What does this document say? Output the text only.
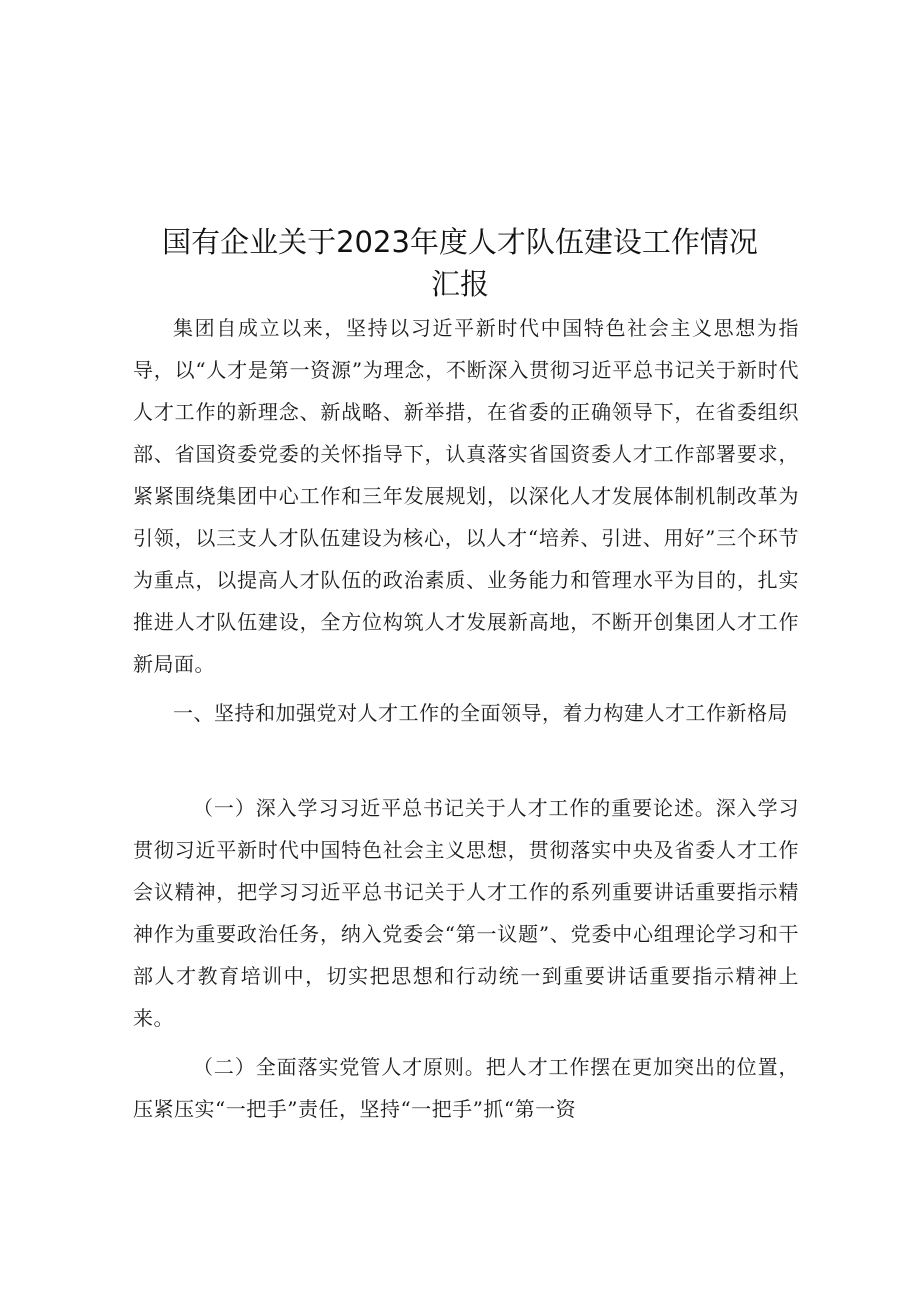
国有企业关于2023年度人才队伍建设工作情况
汇报

集团自成立以来，坚持以习近平新时代中国特色社会主义思想为指导，以“人才是第一资源”为理念，不断深入贯彻习近平总书记关于新时代人才工作的新理念、新战略、新举措，在省委的正确领导下，在省委组织部、省国资委党委的关怀指导下，认真落实省国资委人才工作部署要求，紧紧围绕集团中心工作和三年发展规划，以深化人才发展体制机制改革为引领，以三支人才队伍建设为核心，以人才“培养、引进、用好”三个环节为重点，以提高人才队伍的政治素质、业务能力和管理水平为目的，扎实推进人才队伍建设，全方位构筑人才发展新高地，不断开创集团人才工作新局面。

一、坚持和加强党对人才工作的全面领导，着力构建人才工作新格局

（一）深入学习习近平总书记关于人才工作的重要论述。深入学习贯彻习近平新时代中国特色社会主义思想，贯彻落实中央及省委人才工作会议精神，把学习习近平总书记关于人才工作的系列重要讲话重要指示精神作为重要政治任务，纳入党委会“第一议题”、党委中心组理论学习和干部人才教育培训中，切实把思想和行动统一到重要讲话重要指示精神上来。

（二）全面落实党管人才原则。把人才工作摆在更加突出的位置，压紧压实“一把手”责任，坚持“一把手”抓“第一资
